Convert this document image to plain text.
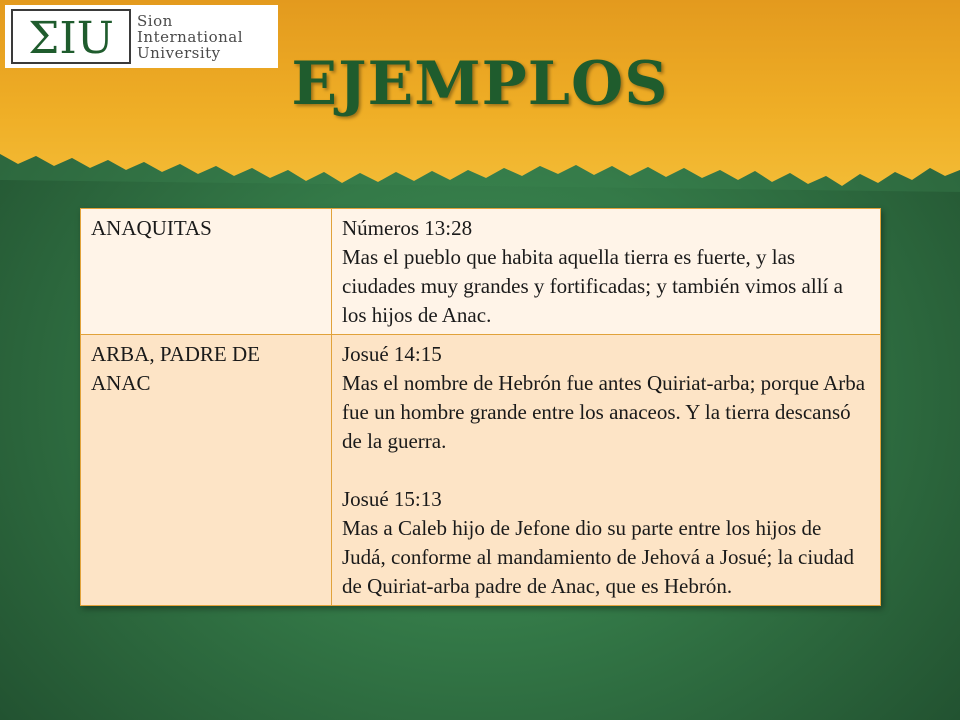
ΣIU Sion
International
University	EJEMPLOS
ANAQUITAS	Números 13:28
Mas el pueblo que habita aquella tierra es fuerte, y las ciudades muy grandes y fortificadas; y también vimos allí a los hijos de Anac.

ARBA, PADRE DE ANAC	Josué 14:15
Mas el nombre de Hebrón fue antes Quiriat-arba; porque Arba fue un hombre grande entre los anaceos. Y la tierra descansó de la guerra.
Josué 15:13
Mas a Caleb hijo de Jefone dio su parte entre los hijos de Judá, conforme al mandamiento de Jehová a Josué; la ciudad de Quiriat-arba padre de Anac, que es Hebrón.
